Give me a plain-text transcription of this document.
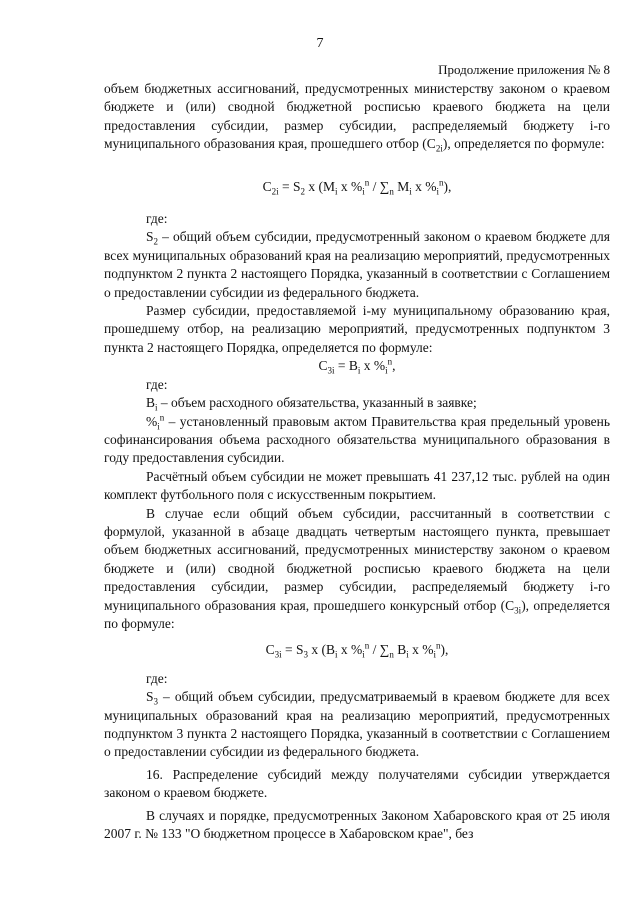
7
Продолжение приложения № 8

объем бюджетных ассигнований, предусмотренных министерству законом о краевом бюджете и (или) сводной бюджетной росписью краевого бюджета на цели предоставления субсидии, размер субсидии, распределяемый бюджету i-го муниципального образования края, прошедшего отбор $(C_{2i})$, определяется по формуле:

$C_{2i} = S_2$ x ($M_i$ x $\%_i^n / \sum_n$ $M_i$ x $\%_i^n$),

где:

$S_2$ – общий объем субсидии, предусмотренный законом о краевом бюджете для всех муниципальных образований края на реализацию мероприятий, предусмотренных подпунктом 2 пункта 2 настоящего Порядка, указанный в соответствии с Соглашением о предоставлении субсидии из федерального бюджета.

Размер субсидии, предоставляемой i-му муниципальному образованию края, прошедшему отбор, на реализацию мероприятий, предусмотренных подпунктом 3 пункта 2 настоящего Порядка, определяется по формуле:

$C_{3i} = B_i$ x $\%_i^n$,

где:

$B_i$ – объем расходного обязательства, указанный в заявке;

$\%_i^n$ – установленный правовым актом Правительства края предельный уровень софинансирования объема расходного обязательства муниципального образования в году предоставления субсидии.

Расчётный объем субсидии не может превышать 41 237,12 тыс. рублей на один комплект футбольного поля с искусственным покрытием.

В случае если общий объем субсидии, рассчитанный в соответствии с формулой, указанной в абзаце двадцать четвертым настоящего пункта, превышает объем бюджетных ассигнований, предусмотренных министерству законом о краевом бюджете и (или) сводной бюджетной росписью краевого бюджета на цели предоставления субсидии, размер субсидии, распределяемый бюджету i-го муниципального образования края, прошедшего конкурсный отбор $(C_{3i})$, определяется по формуле:

$C_{3i} = S_3$ x ($B_i$ x $\%_i^n / \sum_n$ $B_i$ x $\%_i^n$),

где:

$S_3$ – общий объем субсидии, предусматриваемый в краевом бюджете для всех муниципальных образований края на реализацию мероприятий, предусмотренных подпунктом 3 пункта 2 настоящего Порядка, указанный в соответствии с Соглашением о предоставлении субсидии из федерального бюджета.

16. Распределение субсидий между получателями субсидии утверждается законом о краевом бюджете.

В случаях и порядке, предусмотренных Законом Хабаровского края от 25 июля 2007 г. № 133 "О бюджетном процессе в Хабаровском крае", без
